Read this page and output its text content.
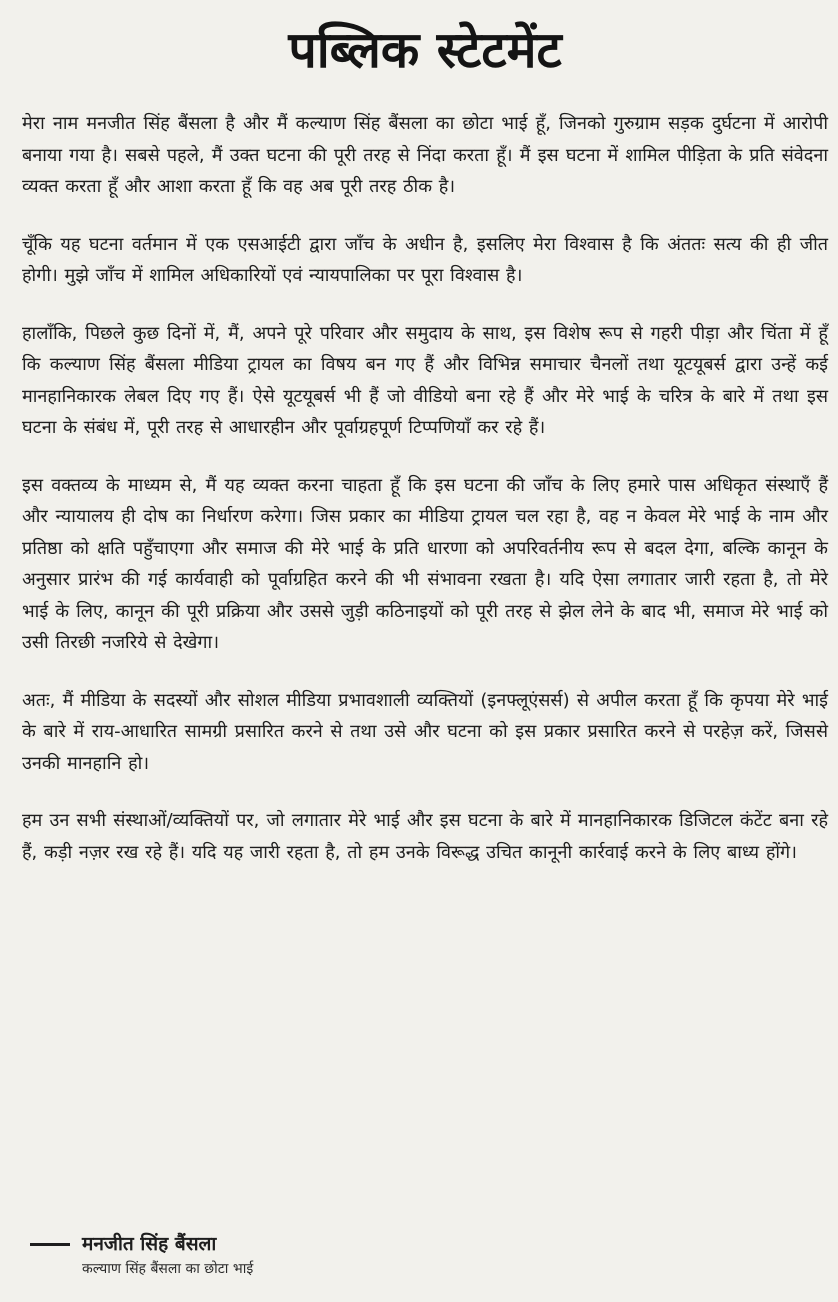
पब्लिक स्टेटमेंट

मेरा नाम मनजीत सिंह बैंसला है और मैं कल्याण सिंह बैंसला का छोटा भाई हूँ, जिनको गुरुग्राम सड़क दुर्घटना में आरोपी बनाया गया है। सबसे पहले, मैं उक्त घटना की पूरी तरह से निंदा करता हूँ। मैं इस घटना में शामिल पीड़िता के प्रति संवेदना व्यक्त करता हूँ और आशा करता हूँ कि वह अब पूरी तरह ठीक है।

चूँकि यह घटना वर्तमान में एक एसआईटी द्वारा जाँच के अधीन है, इसलिए मेरा विश्वास है कि अंततः सत्य की ही जीत होगी। मुझे जाँच में शामिल अधिकारियों एवं न्यायपालिका पर पूरा विश्वास है।

हालाँकि, पिछले कुछ दिनों में, मैं, अपने पूरे परिवार और समुदाय के साथ, इस विशेष रूप से गहरी पीड़ा और चिंता में हूँ कि कल्याण सिंह बैंसला मीडिया ट्रायल का विषय बन गए हैं और विभिन्न समाचार चैनलों तथा यूटयूबर्स द्वारा उन्हें कई मानहानिकारक लेबल दिए गए हैं। ऐसे यूटयूबर्स भी हैं जो वीडियो बना रहे हैं और मेरे भाई के चरित्र के बारे में तथा इस घटना के संबंध में, पूरी तरह से आधारहीन और पूर्वाग्रहपूर्ण टिप्पणियाँ कर रहे हैं।

इस वक्तव्य के माध्यम से, मैं यह व्यक्त करना चाहता हूँ कि इस घटना की जाँच के लिए हमारे पास अधिकृत संस्थाएँ हैं और न्यायालय ही दोष का निर्धारण करेगा। जिस प्रकार का मीडिया ट्रायल चल रहा है, वह न केवल मेरे भाई के नाम और प्रतिष्ठा को क्षति पहुँचाएगा और समाज की मेरे भाई के प्रति धारणा को अपरिवर्तनीय रूप से बदल देगा, बल्कि कानून के अनुसार प्रारंभ की गई कार्यवाही को पूर्वाग्रहित करने की भी संभावना रखता है। यदि ऐसा लगातार जारी रहता है, तो मेरे भाई के लिए, कानून की पूरी प्रक्रिया और उससे जुड़ी कठिनाइयों को पूरी तरह से झेल लेने के बाद भी, समाज मेरे भाई को उसी तिरछी नजरिये से देखेगा।

अतः, मैं मीडिया के सदस्यों और सोशल मीडिया प्रभावशाली व्यक्तियों (इनफ्लूएंसर्स) से अपील करता हूँ कि कृपया मेरे भाई के बारे में राय-आधारित सामग्री प्रसारित करने से तथा उसे और घटना को इस प्रकार प्रसारित करने से परहेज़ करें, जिससे उनकी मानहानि हो।

हम उन सभी संस्थाओं/व्यक्तियों पर, जो लगातार मेरे भाई और इस घटना के बारे में मानहानिकारक डिजिटल कंटेंट बना रहे हैं, कड़ी नज़र रख रहे हैं। यदि यह जारी रहता है, तो हम उनके विरूद्ध उचित कानूनी कार्रवाई करने के लिए बाध्य होंगे।

मनजीत सिंह बैंसला
कल्याण सिंह बैंसला का छोटा भाई
